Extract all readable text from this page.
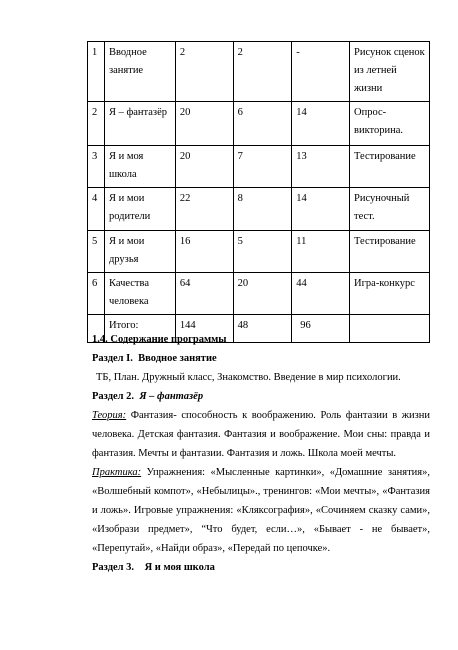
1	Вводное занятие	2	2	-	Рисунок сценок из летней жизни
2	Я – фантазёр	20	6	14	Опрос-викторина.
3	Я и моя школа	20	7	13	Тестирование
4	Я и мои родители	22	8	14	Рисуночный тест.
5	Я и мои друзья	16	5	11	Тестирование
6	Качества человека	64	20	44	Игра-конкурс
	Итого:	144	48	96	

1.4. Содержание программы

Раздел I. Вводное занятие

ТБ, План. Дружный класс, Знакомство. Введение в мир психологии.

Раздел 2. Я – фантазёр

Теория: Фантазия- способность к воображению. Роль фантазии в жизни человека. Детская фантазия. Фантазия и воображение. Мои сны: правда и фантазия. Мечты и фантазии. Фантазия и ложь. Школа моей мечты.

Практика: Упражнения: «Мысленные картинки», «Домашние занятия», «Волшебный компот», «Небылицы»., тренингов: «Мои мечты», «Фантазия и ложь». Игровые упражнения: «Кляксография», «Сочиняем сказку сами», «Изобрази предмет», “Что будет, если…», «Бывает - не бывает», «Перепутай», «Найди образ», «Передай по цепочке».

Раздел 3. Я и моя школа
